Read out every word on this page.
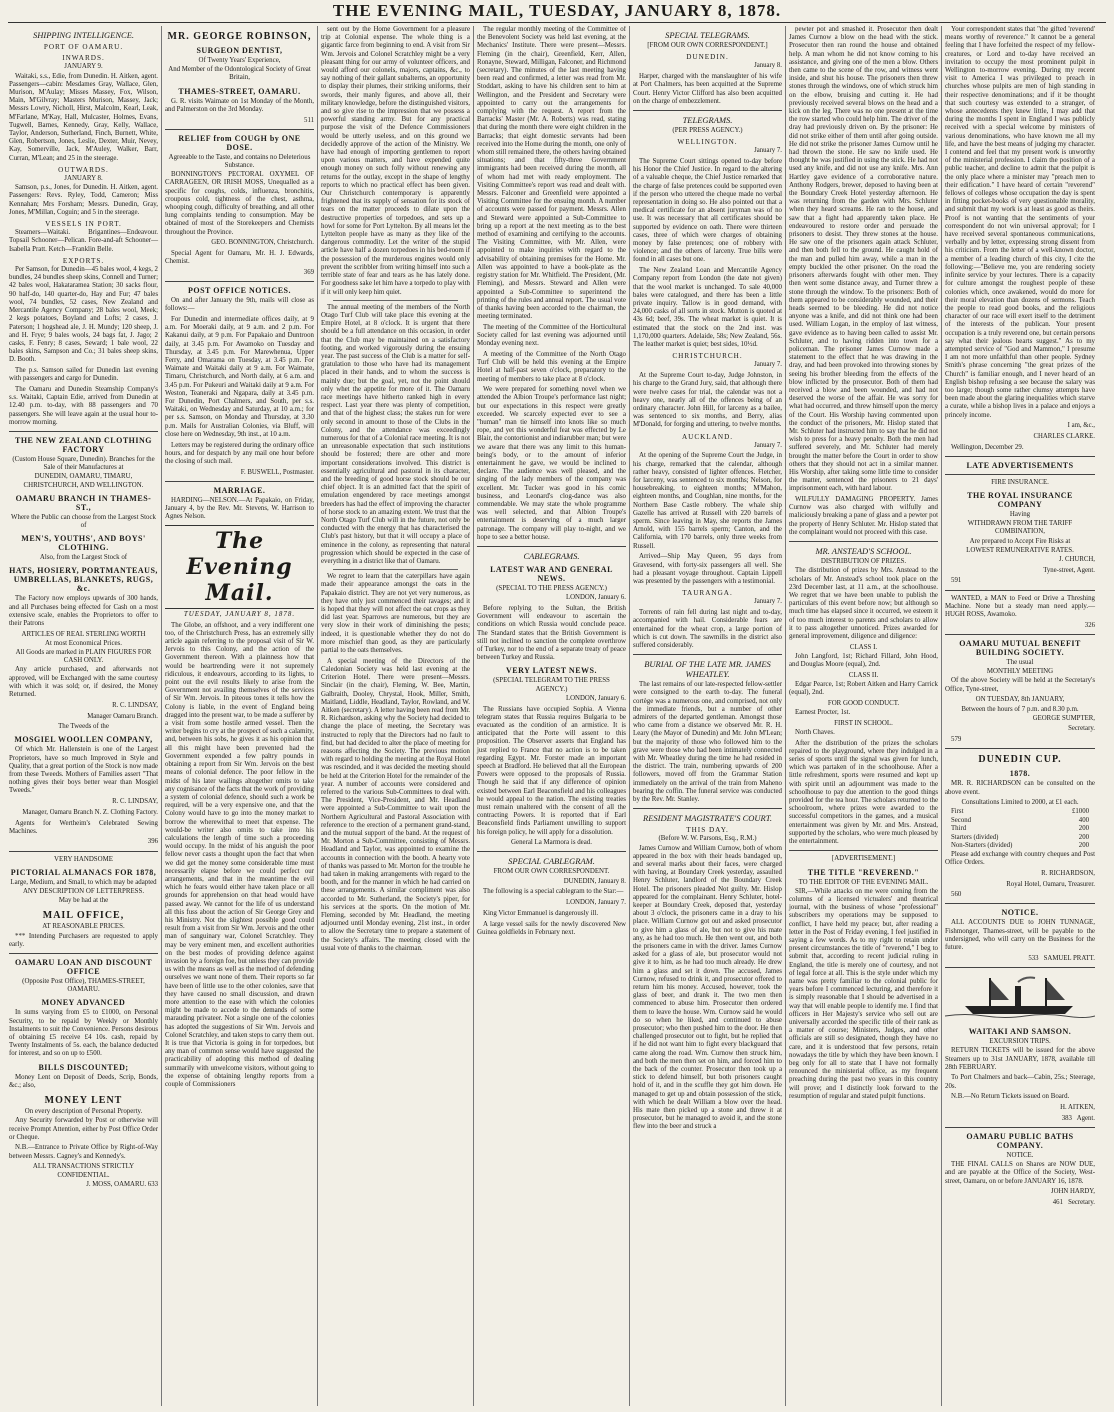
THE EVENING MAIL, TUESDAY, JANUARY 8, 1878.
SHIPPING INTELLIGENCE.
PORT OF OAMARU.
INWARDS.

JANUARY 9.

Waitaki, s.s., Edie, from Dunedin. H. Aitken, agent. Passengers—cabin: Mesdames Gray, Wallace, Glen, Murison, M'Aulay; Misses Massey, Fox, Wilson, Main, M'Gilvray; Masters Murison, Massey, Jack; Messrs Lowry, Nicholl, Hirst, Malcolm, Kearl, Leak, M'Farlane, M'Kay, Hall, Mulcaster, Holmes, Evans, Tugwell, Barnes, Kennedy, Gray, Kelly, Wallace, Taylor, Anderson, Sutherland, Finch, Burnett, White, Glen, Robertson, Jones, Leslie, Dexter, Muir, Nevey, Kay, Somerville, Jack, M'Auley, Walker, Barr, Curran, M'Lean; and 25 in the steerage.

OUTWARDS.

JANUARY 8.

Samson, p.s., Jones, for Dunedin. H. Aitken, agent. Passengers: Revs. Ryley, Todd, Cameron; Miss Kennahan; Mrs Forsham; Messrs. Dunedin, Gray, Jones, M'Millan, Coguin; and 5 in the steerage.

VESSELS IN PORT.

Steamers—Waitaki. Brigantines—Endeavour. Topsail Schooner—Pelican. Fore-and-aft Schooner—Isabella Pratt. Ketch—Franklin Belle.

EXPORTS.

Per Samson, for Dunedin—45 bales wool, 4 kegs, 2 bundles, 24 bundles sheep skins, Connell and Turner; 42 bales wool, Hakataramea Station; 30 sacks flour, 90 half-do, 140 quarter-do, Hay and Fur; 47 bales wool, 74 bundles, 52 cases, New Zealand and Mercantile Agency Company; 28 bales wool, Meek; 2 kegs potatoes, Boyland and Lofts; 2 cases, J. Paterson; 1 hogshead ale, J. H. Mundy; 120 sheep, J. and H. Frye; 9 bales wools, 24 bags fat, J. Jago; 2 casks, F. Fenry; 8 cases, Seward; 1 bale wool, 22 bales skins, Sampson and Co.; 31 bales sheep skins, D. Booth.

The p.s. Samson sailed for Dunedin last evening with passengers and cargo for Dunedin.

The Oamaru and Dunedin Steamship Company's s.s. Waitaki, Captain Edie, arrived from Dunedin at 12.40 p.m. to-day, with 88 passengers and 70 passengers. She will leave again at the usual hour to-morrow morning.

THE NEW ZEALAND CLOTHING FACTORY

(Custom House Square, Dunedin). Branches for the Sale of their Manufactures at

DUNEDIN, OAMARU, TIMARU, CHRISTCHURCH, AND WELLINGTON.

OAMARU BRANCH IN THAMES-ST.,

Where the Public can choose from the Largest Stock of

MEN'S, YOUTHS', AND BOYS' CLOTHING.

Also, from the Largest Stock of

HATS, HOSIERY, PORTMANTEAUS, UMBRELLAS, BLANKETS, RUGS, &c.

The Factory now employs upwards of 300 hands, and all Purchases being effected for Cash on a most extensive scale, enables the Proprietors to offer to their Patrons

ARTICLES OF REAL STERLING WORTH

At most Economical Prices.

All Goods are marked in PLAIN FIGURES FOR CASH ONLY.

Any article purchased, and afterwards not approved, will be Exchanged with the same courtesy with which it was sold; or, if desired, the Money Returned.

R. C. LINDSAY,

Manager Oamaru Branch.

The Tweeds of the

MOSGIEL WOOLLEN COMPANY,

Of which Mr. Hallenstein is one of the Largest Proprietors, have so much Improved in Style and Quality, that a great portion of the Stock is now made from these Tweeds. Mothers of Families assert "That nothing gives their boys better wear than Mosgiel Tweeds."

R. C. LINDSAY,

Manager, Oamaru Branch N. Z. Clothing Factory.

Agents for Wertheim's Celebrated Sewing Machines.

396

VERY HANDSOME

PICTORIAL ALMANACS FOR 1878,

Large, Medium, and Small, to which may be adapted

ANY DESCRIPTION OF LETTERPRESS.

May be had at the

MAIL OFFICE,

AT REASONABLE PRICES.

*** Intending Purchasers are requested to apply early.

OAMARU LOAN AND DISCOUNT OFFICE

(Opposite Post Office), THAMES-STREET, OAMARU.

MONEY ADVANCED

In sums varying from £5 to £1000, on Personal Security, to be repaid by Weekly or Monthly Instalments to suit the Convenience. Persons desirous of obtaining £5 receive £4 10s. cash, repaid by Twenty Instalments of 5s. each, the balance deducted for interest, and so on up to £500.

BILLS DISCOUNTED;

Money Lent on Deposit of Deeds, Scrip, Bonds, &c.; also,

MONEY LENT

On every description of Personal Property.

Any Security forwarded by Post or otherwise will receive Prompt Attention, either by Post Office Order or Cheque.

N.B.—Entrance to Private Office by Right-of-Way between Messrs. Cagney's and Kennedy's.

ALL TRANSACTIONS STRICTLY CONFIDENTIAL.

J. MOSS, OAMARU. 633

MR. GEORGE ROBINSON,
SURGEON DENTIST,

Of Twenty Years' Experience,

And Member of the Odontological Society of Great Britain,

THAMES-STREET, OAMARU.

G. R. visits Waimate on 1st Monday of the Month, and Palmerston on the 3rd Monday.

511

RELIEF from COUGH by ONE DOSE.

Agreeable to the Taste, and contains no Deleterious Substance.

BONNINGTON'S PECTORAL OXYMEL OF CARRAGEEN, OR IRISH MOSS, Unequalled as a specific for coughs, colds, influenza, bronchitis, croupous cold, tightness of the chest, asthma, whooping cough, difficulty of breathing, and all other lung complaints tending to consumption. May be obtained of most of the Storekeepers and Chemists throughout the Province.

GEO. BONNINGTON, Christchurch.

Special Agent for Oamaru, Mr. H. J. Edwards, Chemist.

369

POST OFFICE NOTICES.

On and after January the 9th, mails will close as follows:—

For Dunedin and intermediate offices daily, at 9 a.m. For Moeraki daily, at 9 a.m. and 2 p.m. For Kakanui daily, at 9 p.m. For Papakaio and Duntroon daily, at 3.45 p.m. For Awamoko on Tuesday and Thursday, at 3.45 p.m. For Marewhenua, Upper Ferry, and Omarama on Tuesday, at 3.45 p.m. For Waimate and Waitaki daily at 9 a.m. For Waimate, Timaru, Christchurch, and North daily, at 6 a.m. and 3.45 p.m. For Pukeuri and Waitaki daily at 9 a.m. For Weston, Teaneraki and Ngapara, daily at 3.45 p.m. For Dunedin, Port Chalmers, and South, per s.s. Waitaki, on Wednesday and Saturday, at 10 a.m.; for per s.s. Samson, on Monday and Thursday, at 3.30 p.m. Mails for Australian Colonies, via Bluff, will close here on Wednesday, 9th inst., at 10 a.m.

Letters may be registered during the ordinary office hours, and for despatch by any mail one hour before the closing of such mail.

F. BUSWELL, Postmaster.

MARRIAGE.

HARDING—NELSON.—At Papakaio, on Friday, January 4, by the Rev. Mr. Stevens, W. Harrison to Agnes Nelson.

The Evening Mail.
TUESDAY, JANUARY 8, 1878.

The Globe, an offshoot, and a very indifferent one too, of the Christchurch Press, has an extremely silly article again referring to the proposal visit of Sir W. Jervois to this Colony, and the action of the Government thereon. With a plainness how that would be heartrending were it not supremely ridiculous, it endeavours, according to its lights, to point out the evil results likely to arise from the Government not availing themselves of the services of Sir Wm. Jervois. In piteous tones it tells how the Colony is liable, in the event of England being dragged into the present war, to be made a sufferer by a visit from some hostile armed vessel. Then the writer begins to cry at the prospect of such a calamity, and, between his sobs, he gives it as his opinion that all this might have been prevented had the Government expended a few paltry pounds in obtaining a report from Sir Wm. Jervois on the best means of colonial defence. The poor fellow in the midst of his later wailings altogether omits to take any cognisance of the facts that the work of providing a system of colonial defence, should such a work be required, will be a very expensive one, and that the Colony would have to go into the money market to borrow the wherewithal to meet that expense. The would-be writer also omits to take into his calculations the length of time such a proceeding would occupy. In the midst of his anguish the poor fellow never casts a thought upon the fact that when we did get the money some considerable time must necessarily elapse before we could perfect our arrangements, and that in the meantime the evil which he fears would either have taken place or all grounds for apprehension on that head would have passed away. We cannot for the life of us understand all this fuss about the action of Sir George Grey and his Ministry. Not the slightest possible good could result from a visit from Sir Wm. Jervois and the other man of sanguinary war, Colonel Scratchley. They may be very eminent men, and excellent authorities on the best modes of providing defence against invasion by a foreign foe, but unless they can provide us with the means as well as the method of defending ourselves we want none of them. Their reports so far have been of little use to the other colonies, save that they have caused no small discussion, and drawn more attention to the ease with which the colonies might be made to accede to the demands of some marauding privateer. Not a single one of the colonies has adopted the suggestions of Sir Wm. Jervois and Colonel Scratchley, and taken steps to carry them out. It is true that Victoria is going in for torpedoes, but any man of common sense would have suggested the practicability of adopting this method of dealing summarily with unwelcome visitors, without going to the expense of obtaining lengthy reports from a couple of Commissioners

sent out by the Home Government for a pleasure trip at Colonial expense. The whole thing is a gigantic farce from beginning to end. A visit from Sir Wm. Jervois and Colonel Scratchley might be a very pleasant thing for our army of volunteer officers, and would afford our colonels, majors, captains, &c., to say nothing of their gallant subalterns, an opportunity to display their plumes, their striking uniforms, their swords, their manly figures, and above all, their military knowledge, before the distinguished visitors, and so give rise to the impression that we possess a powerful standing army. But for any practical purpose the visit of the Defence Commissioners would be utterly useless, and on this ground we decidedly approve of the action of the Ministry. We have had enough of importing gentlemen to report upon various matters, and have expended quite enough money on such folly without renewing any returns for the outlay, except in the shape of lengthy reports to which no practical effect has been given. Our Christchurch contemporary is apparently frightened that its supply of sensation for its stock of tears on the matter proceeds to dilate upon the destructive properties of torpedoes, and sets up a howl for some for Port Lyttelton. By all means let the Lyttelton people have as many as they like of the dangerous commodity. Let the writer of the stupid article have half a dozen torpedoes in his bed-room if the possession of the murderous engines would only prevent the scribbler from writing himself into such a terrible state of fear and tears as he has lately done. For goodness sake let him have a torpedo to play with if it will only keep him quiet.

The annual meeting of the members of the North Otago Turf Club will take place this evening at the Empire Hotel, at 8 o'clock. It is urgent that there should be a full attendance on this occasion, in order that the Club may be maintained on a satisfactory footing, and worked vigorously during the ensuing year. The past success of the Club is a matter for self-gratulation to those who have had its management placed in their hands, and to whom the success is mainly due; but the goal, yet, not the point should only whet the appetite for more of it. The Oamaru race meetings have hitherto ranked high in every respect. Last year there was plenty of competition, and that of the highest class; the stakes run for were only second in amount to those of the Clubs in the Colony, and the attendance was exceedingly numerous for that of a Colonial race meeting. It is not an unreasonable expectation that such institutions should be fostered; there are other and more important considerations involved. This district is essentially agricultural and pastoral in its character, and the breeding of good horse stock should be our chief object. It is an admitted fact that the spirit of emulation engendered by race meetings amongst breeders has had the effect of improving the character of horse stock to an amazing extent. We trust that the North Otago Turf Club will in the future, not only be conducted with the energy that has characterised the Club's past history, but that it will occupy a place of eminence in the colony, as representing that natural progression which should be expected in the case of everything in a district like that of Oamaru.

We regret to learn that the caterpillars have again made their appearance amongst the oats in the Papakaio district. They are not yet very numerous, as they have only just commenced their ravages; and it is hoped that they will not affect the oat crops as they did last year. Sparrows are numerous, but they are very slow in their work of diminishing the pests; indeed, it is questionable whether they do not do more mischief than good, as they are particularly partial to the oats themselves.

A special meeting of the Directors of the Caledonian Society was held last evening at the Criterion Hotel. There were present—Messrs. Sinclair (in the chair), Fleming, W. Bee, Martin, Galbraith, Dooley, Chrystal, Hook, Miller, Smith, Maitland, Liddle, Headland, Taylor, Rowland, and W. Aitken (secretary). A letter having been read from Mr. R. Richardson, asking why the Society had decided to change the place of meeting, the Secretary was instructed to reply that the Directors had no fault to find, but had decided to alter the place of meeting for reasons affecting the Society. The previous motion with regard to holding the meeting at the Royal Hotel was rescinded, and it was decided the meeting should be held at the Criterion Hotel for the remainder of the year. A number of accounts were considered and referred to the various Sub-Committees to deal with. The President, Vice-President, and Mr. Headland were appointed a Sub-Committee to wait upon the Northern Agricultural and Pastoral Association with reference to the erection of a permanent grand-stand, and the mutual support of the band. At the request of Mr. Morton a Sub-Committee, consisting of Messrs. Headland and Taylor, was appointed to examine the accounts in connection with the booth. A hearty vote of thanks was passed to Mr. Morton for the trouble he had taken in making arrangements with regard to the booth, and for the manner in which he had carried on these arrangements. A similar compliment was also accorded to Mr. Sutherland, the Society's piper, for his services at the sports. On the motion of Mr. Fleming, seconded by Mr. Headland, the meeting adjourned until Monday evening, 21st inst., in order to allow the Secretary time to prepare a statement of the Society's affairs. The meeting closed with the usual vote of thanks to the chairman.

The regular monthly meeting of the Committee of the Benevolent Society was held last evening, at the Mechanics' Institute. There were present—Messrs. Fleming (in the chair), Greenfield, Kerr, Allen, Ronayne, Steward, Milligan, Falconer, and Richmond (secretary). The minutes of the last meeting having been read and confirmed, a letter was read from Mr. Stoddart, asking to have his children sent to him at Wellington, and the President and Secretary were appointed to carry out the arrangements for complying with the request. A report from the Barracks' Master (Mr. A. Roberts) was read, stating that during the month there were eight children in the Barracks; that eight domestic servants had been received into the Home during the month, one only of whom still remained there, the others having obtained situations; and that fifty-three Government immigrants had been received during the month, all of whom had met with ready employment. The Visiting Committee's report was read and dealt with. Messrs. Falconer and Greenfield were appointed a Visiting Committee for the ensuing month. A number of accounts were passed for payment. Messrs. Allen and Steward were appointed a Sub-Committee to bring up a report at the next meeting as to the best method of examining and certifying to the accounts. The Visiting Committee, with Mr. Allen, were appointed to make inquiries with regard to the advisability of obtaining premises for the Home. Mr. Allen was appointed to have a book-plate as the registry station for Mr. Whitfield. The President, (Mr. Fleming), and Messrs. Steward and Allen were appointed a Sub-Committee to superintend the printing of the rules and annual report. The usual vote of thanks having been accorded to the chairman, the meeting terminated.

The meeting of the Committee of the Horticultural Society called for last evening was adjourned until Monday evening next.

A meeting of the Committee of the North Otago Turf Club will be held this evening at the Empire Hotel at half-past seven o'clock, preparatory to the meeting of members to take place at 8 o'clock.

We were prepared for something novel when we attended the Albion Troupe's performance last night; but our expectations in this respect were greatly exceeded. We scarcely expected ever to see a "human" man tie himself into knots like so much rope, and yet this wonderful feat was effected by Le Blair, the contortionist and indiarubber man; but were we aware that there was any limit to this human-being's body, or to the amount of inferior entertainment he gave, we would be inclined to declare. The audience was well pleased, and the singing of the lady members of the company was excellent. Mr. Tucker was good in his comic business, and Leonard's clog-dance was also commendable. We may state the whole programme was well selected, and that Albion Troupe's entertainment is deserving of a much larger patronage. The company will play to-night, and we hope to see a better house.

CABLEGRAMS.
LATEST WAR AND GENERAL NEWS.

(SPECIAL TO THE PRESS AGENCY.)

LONDON, January 6.

Before replying to the Sultan, the British Government will endeavour to ascertain the conditions on which Russia would conclude peace. The Standard states that the British Government is still not inclined to sanction the complete overthrow of Turkey, nor to the end of a separate treaty of peace between Turkey and Russia.

VERY LATEST NEWS.

(SPECIAL TELEGRAM TO THE PRESS AGENCY.)

LONDON, January 6.

The Russians have occupied Sophia. A Vienna telegram states that Russia requires Bulgaria to be evacuated as the condition of an armistice. It is anticipated that the Porte will assent to this proposition. The Observer asserts that England has just replied to France that no action is to be taken regarding Egypt. Mr. Forster made an important speech at Bradford. He believed that all the European Powers were opposed to the proposals of Russia. Though he said that if any difference of opinion existed between Earl Beaconsfield and his colleagues he would appeal to the nation. The existing treaties must remain unaltered with the consent of all the contracting Powers. It is reported that if Earl Beaconsfield finds Parliament unwilling to support his foreign policy, he will apply for a dissolution.

General La Marmora is dead.

SPECIAL CABLEGRAM.

FROM OUR OWN CORRESPONDENT.

DUNEDIN, January 8.

The following is a special cablegram to the Star:—

LONDON, January 7.

King Victor Emmanuel is dangerously ill.

A large vessel sails for the newly discovered New Guinea goldfields in February next.

SPECIAL TELEGRAMS.

[FROM OUR OWN CORRESPONDENT.]

DUNEDIN.

January 8.

Harper, charged with the manslaughter of his wife at Port Chalmers, has been acquitted at the Supreme Court. Henry Victor Clifford has also been acquitted on the charge of embezzlement.

TELEGRAMS.

(PER PRESS AGENCY.)

WELLINGTON.

January 7.

The Supreme Court sittings opened to-day before his Honor the Chief Justice. In regard to the altering of a valuable cheque, the Chief Justice remarked that the charge of false pretences could be supported even if the person who uttered the cheque made no verbal representation in doing so. He also pointed out that a medical certificate for an absent juryman was of no use. It was necessary that all certificates should be supported by evidence on oath. There were thirteen cases, three of which were charges of obtaining money by false pretences; one of robbery with violence; and the others of larceny. True bills were found in all cases but one.

The New Zealand Loan and Mercantile Agency Company report from London (the date not given) that the wool market is unchanged. To sale 40,000 bales were catalogued, and there has been a little private inquiry. Tallow is in good demand, with 24,000 casks of all sorts in stock. Mutton is quoted at 43s 6d; beef, 39s. The wheat market is quiet. It is estimated that the stock on the 2nd inst. was 1,170,000 quarters. Adelaide, 58s; New Zealand, 56s. The leather market is quiet; best sides, 10½d.

CHRISTCHURCH.

January 7.

At the Supreme Court to-day, Judge Johnston, in his charge to the Grand Jury, said, that although there were twelve cases for trial, the calendar was not a heavy one, nearly all of the offences being of an ordinary character. John Hill, for larceny as a bailee, was sentenced to six months, and Berry, alias M'Donald, for forging and uttering, to twelve months.

AUCKLAND.

January 7.

At the opening of the Supreme Court the Judge, in his charge, remarked that the calendar, although rather heavy, consisted of lighter offences. Fletcher, for larceny, was sentenced to six months; Nelson, for housebreaking, to eighteen months; M'Mahon, eighteen months, and Coughlan, nine months, for the Northern Base Castle robbery. The whale ship Gazelle has arrived at Russell with 220 barrels of sperm. Since leaving in May, she reports the James Arnold, with 155 barrels sperm; Canton, and the California, with 170 barrels, only three weeks from Russell.

Arrived—Ship May Queen, 95 days from Gravesend, with forty-six passengers all well. She had a pleasant voyage throughout. Captain Lippell was presented by the passengers with a testimonial.

TAURANGA.

January 7.

Torrents of rain fell during last night and to-day, accompanied with hail. Considerable fears are entertained for the wheat crop, a large portion of which is cut down. The sawmills in the district also suffered considerably.

BURIAL OF THE LATE MR. JAMES WHEATLEY.

The last remains of our late-respected fellow-settler were consigned to the earth to-day. The funeral cortège was a numerous one, and comprised, not only the immediate friends, but a number of other admirers of the departed gentleman. Amongst those who came from a distance we observed Mr. R. H. Leary (the Mayor of Dunedin) and Mr. John M'Lean; but the majority of those who followed him to the grave were those who had been intimately connected with Mr. Wheatley during the time he had resided in the district. The train, numbering upwards of 200 followers, moved off from the Grammar Station immediately on the arrival of the train from Maheno bearing the coffin. The funeral service was conducted by the Rev. Mr. Stanley.

RESIDENT MAGISTRATE'S COURT.
THIS DAY.

(Before W. W. Parsons, Esq., R.M.)

James Curnow and William Curnow, both of whom appeared in the box with their heads bandaged up, and several marks about their faces, were charged with having, at Boundary Creek yesterday, assaulted Henry Schluter, landlord of the Boundary Creek Hotel. The prisoners pleaded Not guilty. Mr. Hislop appeared for the complainant. Henry Schluter, hotel-keeper at Boundary Creek, deposed that, yesterday about 3 o'clock, the prisoners came in a dray to his place. William Curnow got out and asked prosecutor to give him a glass of ale, but not to give his mate any, as he had too much. He then went out, and both the prisoners came in with the driver. James Curnow asked for a glass of ale, but prosecutor would not give it to him, as he had too much already. He drew him a glass and set it down. The accused, James Curnow, refused to drink it, and prosecutor offered to return him his money. Accused, however, took the glass of beer, and drank it. The two men then commenced to abuse him. Prosecutor then ordered them to leave the house. Wm. Curnow said he would do so when he liked, and continued to abuse prosecutor; who then pushed him to the door. He then challenged prosecutor out to fight, but he replied that if he did not want him to fight every blackguard that came along the road. Wm. Curnow then struck him, and both the men then set on him, and forced him to the back of the counter. Prosecutor then took up a stick to defend himself, but both prisoners caught hold of it, and in the scuffle they got him down. He managed to get up and obtain possession of the stick, with which he dealt William a blow over the head. His mate then picked up a stone and threw it at prosecutor, but he managed to avoid it, and the stone flew into the beer and struck a

pewter pot and smashed it. Prosecutor then dealt James Curnow a blow on the head with the stick. Prosecutor then ran round the house and obtained help. A man whom he did not know coming to his assistance, and giving one of the men a blow. Others then came to the scene of the row, and witness went inside, and shut his house. The prisoners then threw stones through the windows, one of which struck him on the elbow, bruising and cutting it. He had previously received several blows on the head and a kick on the leg. There was no one present at the time the row started who could help him. The driver of the dray had previously driven on. By the prisoner: He did not strike either of them until after going outside. He did not strike the prisoner James Curnow until he had thrown the stone. He saw no knife used. He thought he was justified in using the stick. He had not used any knife, and did not use any knife. Mrs. Ann Hartley gave evidence of a corroborative nature. Anthony Rodgers, brewer, deposed to having been at the Boundary Creek Hotel yesterday afternoon. He was returning from the garden with Mrs. Schluter when they heard screams. He ran to the house, and saw that a fight had apparently taken place. He endeavoured to restore order and persuade the prisoners to desist. They threw stones at the house. He saw one of the prisoners again attack Schluter, and then both fell to the ground. He caught hold of the man and pulled him away, while a man in the empty buckled the other prisoner. On the road the prisoners afterwards fought with other men. They then went some distance away, and Turner threw a stone through the window. To the prisoners: Both of them appeared to be considerably wounded, and their heads seemed to be bleeding. He did not notice anyone was a knife, and did not think one had been used. William Logan, in the employ of last witness, gave evidence as to having been called to assist Mr. Schluter, and to having ridden into town for a policeman. The prisoner James Curnow made a statement to the effect that he was drawing in the dray, and had been provoked into throwing stones by seeing his brother bleeding from the effects of the blow inflicted by the prosecutor. Both of them had received a blow and been wounded, and had not deserved the worse of the affair. He was sorry for what had occurred, and threw himself upon the mercy of the Court. His Worship having commented upon the conduct of the prisoners, Mr. Hislop stated that Mr. Schluter had instructed him to say that he did not wish to press for a heavy penalty. Both the men had suffered severely, and Mr. Schluter had merely brought the matter before the Court in order to show others that they should not act in a similar manner. His Worship, after taking some little time to consider the matter, sentenced the prisoners to 21 days' imprisonment each, with hard labour.

WILFULLY DAMAGING PROPERTY. James Curnow was also charged with wilfully and maliciously breaking a pane of glass and a pewter pot the property of Henry Schluter. Mr. Hislop stated that the complainant would not proceed with this case.

MR. ANSTEAD'S SCHOOL.

DISTRIBUTION OF PRIZES.

The distribution of prizes by Mrs. Anstead to the scholars of Mr. Anstead's school took place on the 23rd December last, at 11 a.m., at the schoolhouse. We regret that we have been unable to publish the particulars of this event before now; but although so much time has elapsed since it occurred, we esteem it of too much interest to parents and scholars to allow it to pass altogether unnoticed. Prizes awarded for general improvement, diligence and diligence:

CLASS I.

John Langford, 1st; Richard Fillard, John Hood, and Douglas Moore (equal), 2nd.

CLASS II.

Edgar Pearce, 1st; Robert Aitken and Harry Carrick (equal), 2nd.

FOR GOOD CONDUCT.

Earnest Procter, 1st.

FIRST IN SCHOOL.

North Chaves.

After the distribution of the prizes the scholars repaired to the playground, where they indulged in a series of sports until the signal was given for lunch, which was partaken of in the schoolhouse. After a little refreshment, sports were resumed and kept up with spirit until an adjournment was made to the schoolhouse to pay due attention to the good things provided for the tea hour. The scholars returned to the schoolroom, where prizes were awarded to the successful competitors in the games, and a musical entertainment was given by Mr. and Mrs. Anstead, supported by the scholars, who were much pleased by the entertainment.

[ADVERTISEMENT.]

THE TITLE "REVEREND."

TO THE EDITOR OF THE EVENING MAIL.

SIR,—While attacks on me were coming from the columns of a licensed victualers' and theatrical journal, with the business of whose "professional" subscribers my operations may be supposed to conflict, I have held my peace; but, after reading a letter in the Post of Friday evening, I feel justified in saying a few words. As to my right to retain under present circumstances the title of "reverend," I beg to submit that, according to recent judicial ruling in England, the title is merely one of courtesy, and not of legal force at all. This is the style under which my name was pretty familiar to the colonial public for years before I commenced lecturing, and therefore it is simply reasonable that I should be advertised in a way that will enable people to identify me. I find that officers in Her Majesty's service who sell out are universally accorded the specific title of their rank as a matter of course; Ministers, Judges, and other officials are still so designated, though they have no care, and it is understood that few persons, retain nowadays the title by which they have been known. I beg only for all to state that I have not formally renounced the ministerial office, as my frequent preaching during the past two years in this country will prove; and I distinctly look forward to the resumption of regular and stated pulpit functions.

Your correspondent states that "the gifted 'reverend' means worthy of reverence." It cannot be a general feeling that I have forfeited the respect of my fellow-creatures, or Lord and to-day have received an invitation to occupy the most prominent pulpit in Wellington to-morrow evening. During my recent visit to America I was privileged to preach in churches whose pulpits are men of high standing in their respective denominations; and if it be thought that such courtesy was extended to a stranger, of whose antecedents they knew little, I may add that during the months I spent in England I was publicly received with a special welcome by ministers of various denominations, who have known me all my life, and have the best means of judging my character. I contend and feel that my present work is unworthy of the ministerial profession. I claim the position of a public teacher, and decline to admit that the pulpit is the only place where a minister may "preach men to their edification." I have heard of certain "reverend" fellows of colleges whose occupation the day is spent in fitting pocket-books of very questionable morality, and submit that my work is at least as good as theirs. Proof is not wanting that the sentiments of your correspondent do not win universal approval; for I have received several spontaneous communications, verbally and by letter, expressing strong dissent from his criticism. From the letter of a well-known doctor, a member of a leading church of this city, I cite the following:—"Believe me, you are rendering society infinite service by your lectures. There is a capacity for culture amongst the roughest people of these colonies which, once awakened, would do more for their moral elevation than dozens of sermons. Teach the people to read good books, and the religious character of our race will exert itself to the detriment of the interests of the publican. Your present occupation is a truly reverend one, but certain persons say what their jealous hearts suggest." As to my attempted service of "God and Mammon," I presume I am not more unfaithful than other people. Sydney Smith's phrase concerning "the great prizes of the Church" is familiar enough, and I never heard of an English bishop refusing a see because the salary was too large; though some rather clumsy attempts have been made about the glaring inequalities which starve a curate, while a bishop lives in a palace and enjoys a princely income.

I am, &c.,

CHARLES CLARKE.

Wellington, December 29.

LATE ADVERTISEMENTS

FIRE INSURANCE.

THE ROYAL INSURANCE COMPANY

Having

WITHDRAWN FROM THE TARIFF COMBINATION,

Are prepared to Accept Fire Risks at

LOWEST REMUNERATIVE RATES.

J. CHURCH,

Tyne-street, Agent.

591

WANTED, a MAN to Feed or Drive a Threshing Machine. None but a steady man need apply.—HUGH ROSS, Awamoko.

326

OAMARU MUTUAL BENEFIT BUILDING SOCIETY.

The usual

MONTHLY MEETING

Of the above Society will be held at the Secretary's Office, Tyne-street,

ON TUESDAY, 8th JANUARY,

Between the hours of 7 p.m. and 8.30 p.m.

GEORGE SUMPTER,

Secretary.

579

DUNEDIN CUP.
1878.

MR. R. RICHARDSON can be consulted on the above event.

Consultations Limited to 2000, at £1 each.

First	£1000
Second	400
Third	200
Starters (divided)	200
Non-Starters (divided)	200

Please add exchange with country cheques and Post Office Orders.

R. RICHARDSON,

Royal Hotel, Oamaru, Treasurer.

560

NOTICE.

ALL ACCOUNTS DUE to JOHN TUNNAGE, Fishmonger, Thames-street, will be payable to the undersigned, who will carry on the Business for the future.

533 SAMUEL PRATT.

WAITAKI AND SAMSON.

EXCURSION TRIPS.

RETURN TICKETS will be issued for the above Steamers up to 31st JANUARY, 1878, available till 28th FEBRUARY.

To Port Chalmers and back—Cabin, 25s.; Steerage, 20s.

N.B.—No Return Tickets issued on Board.

H. AITKEN,

383 Agent.

OAMARU PUBLIC BATHS COMPANY.

NOTICE.

THE FINAL CALLS on Shares are NOW DUE, and are payable at the Office of the Society, West-street, Oamaru, on or before JANUARY 16, 1878.

JOHN HARDY,

461 Secretary.
